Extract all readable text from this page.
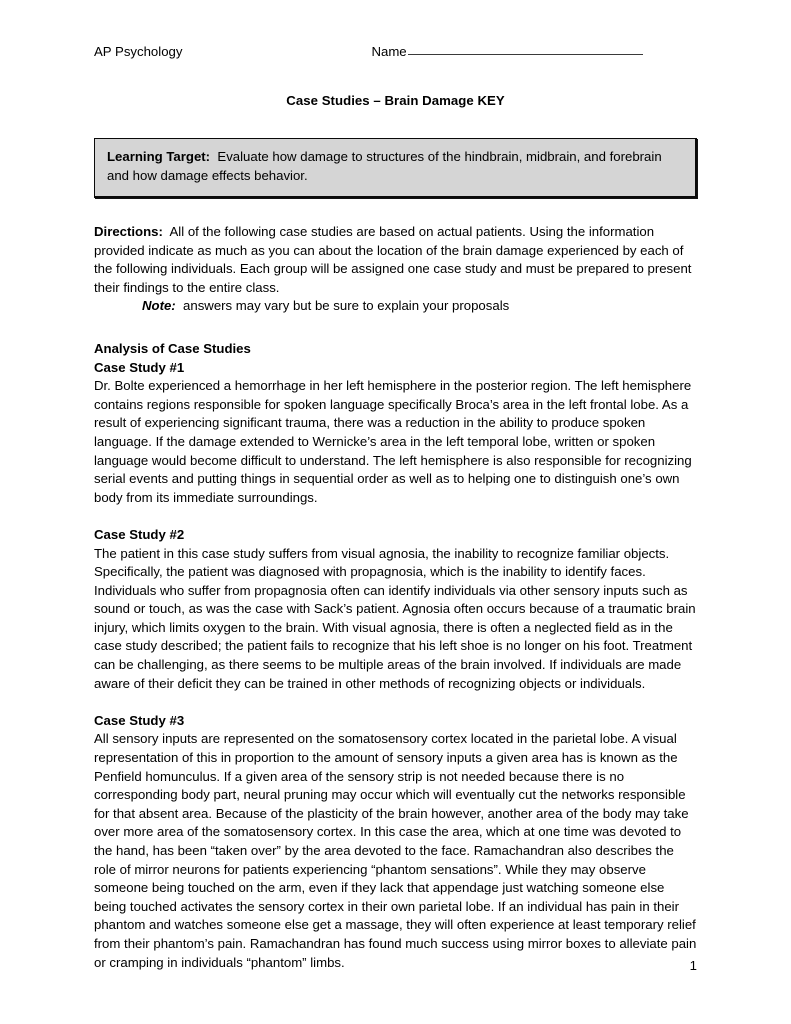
AP Psychology	Name
Case Studies – Brain Damage KEY
Learning Target: Evaluate how damage to structures of the hindbrain, midbrain, and forebrain and how damage effects behavior.
Directions: All of the following case studies are based on actual patients. Using the information provided indicate as much as you can about the location of the brain damage experienced by each of the following individuals. Each group will be assigned one case study and must be prepared to present their findings to the entire class.
Note: answers may vary but be sure to explain your proposals
Analysis of Case Studies
Case Study #1
Dr. Bolte experienced a hemorrhage in her left hemisphere in the posterior region. The left hemisphere contains regions responsible for spoken language specifically Broca’s area in the left frontal lobe. As a result of experiencing significant trauma, there was a reduction in the ability to produce spoken language. If the damage extended to Wernicke’s area in the left temporal lobe, written or spoken language would become difficult to understand. The left hemisphere is also responsible for recognizing serial events and putting things in sequential order as well as to helping one to distinguish one’s own body from its immediate surroundings.
Case Study #2
The patient in this case study suffers from visual agnosia, the inability to recognize familiar objects. Specifically, the patient was diagnosed with propagnosia, which is the inability to identify faces. Individuals who suffer from propagnosia often can identify individuals via other sensory inputs such as sound or touch, as was the case with Sack’s patient. Agnosia often occurs because of a traumatic brain injury, which limits oxygen to the brain. With visual agnosia, there is often a neglected field as in the case study described; the patient fails to recognize that his left shoe is no longer on his foot. Treatment can be challenging, as there seems to be multiple areas of the brain involved. If individuals are made aware of their deficit they can be trained in other methods of recognizing objects or individuals.
Case Study #3
All sensory inputs are represented on the somatosensory cortex located in the parietal lobe. A visual representation of this in proportion to the amount of sensory inputs a given area has is known as the Penfield homunculus. If a given area of the sensory strip is not needed because there is no corresponding body part, neural pruning may occur which will eventually cut the networks responsible for that absent area. Because of the plasticity of the brain however, another area of the body may take over more area of the somatosensory cortex. In this case the area, which at one time was devoted to the hand, has been “taken over” by the area devoted to the face. Ramachandran also describes the role of mirror neurons for patients experiencing “phantom sensations”. While they may observe someone being touched on the arm, even if they lack that appendage just watching someone else being touched activates the sensory cortex in their own parietal lobe. If an individual has pain in their phantom and watches someone else get a massage, they will often experience at least temporary relief from their phantom’s pain. Ramachandran has found much success using mirror boxes to alleviate pain or cramping in individuals “phantom” limbs.	1
